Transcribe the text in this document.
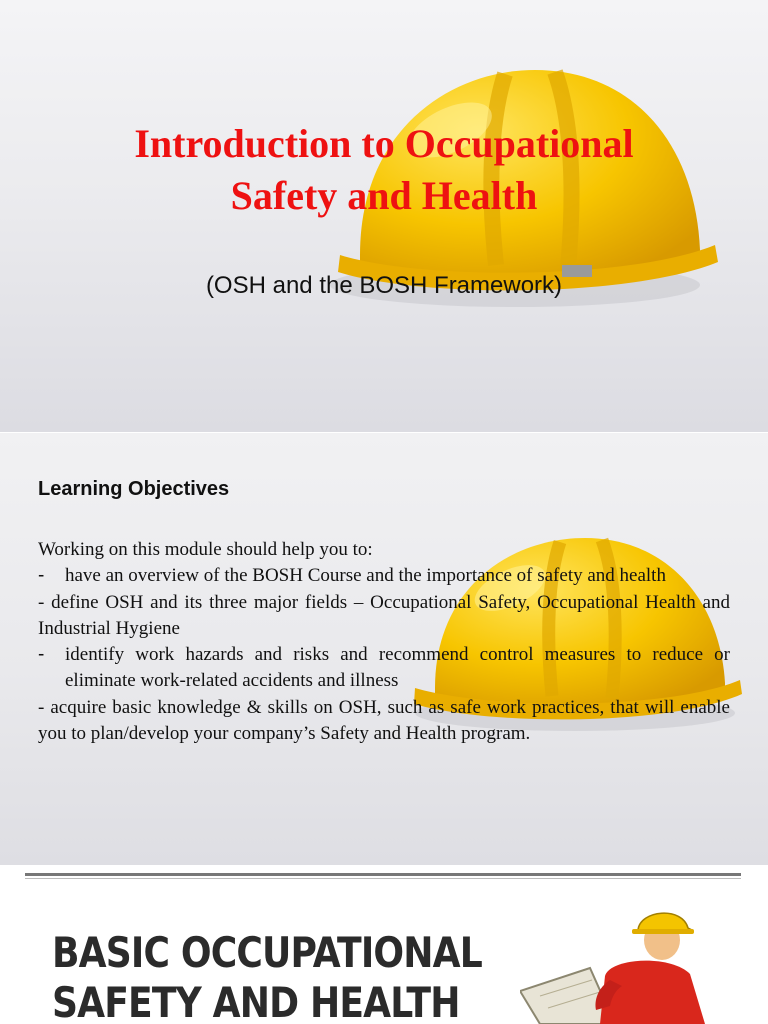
Introduction to Occupational
Safety and Health

(OSH and the BOSH Framework)

Learning Objectives

Working on this module should help you to:

-	have an overview of the BOSH Course and the importance of safety and health

- define OSH and its three major fields – Occupational Safety, Occupational Health and Industrial Hygiene

-	identify work hazards and risks and recommend control measures to reduce or eliminate work-related accidents and illness

- acquire basic knowledge & skills on OSH, such as safe work practices, that will enable you to plan/develop your company’s Safety and Health program.

BASIC OCCUPATIONAL
SAFETY AND HEALTH
